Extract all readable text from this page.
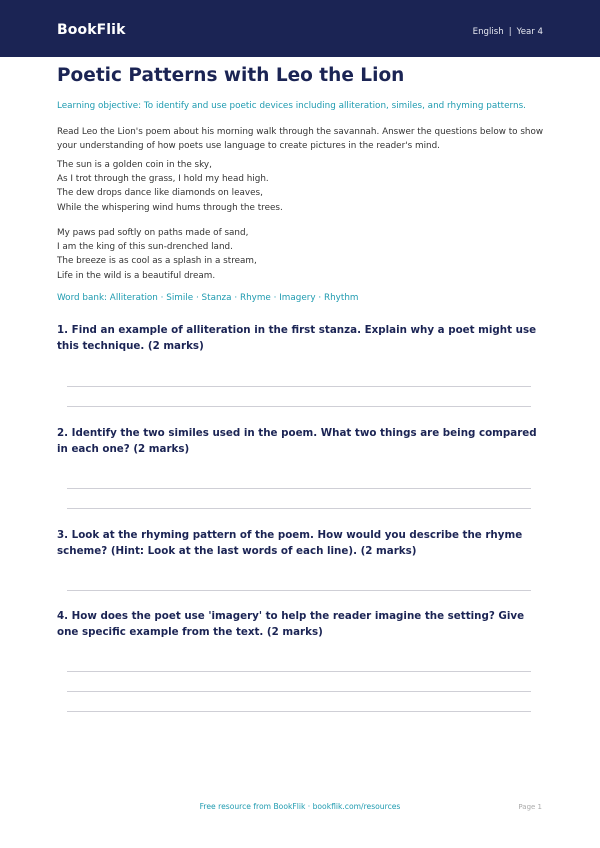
BookFlik	English | Year 4
Poetic Patterns with Leo the Lion
Learning objective: To identify and use poetic devices including alliteration, similes, and rhyming patterns.
Read Leo the Lion's poem about his morning walk through the savannah. Answer the questions below to show your understanding of how poets use language to create pictures in the reader's mind.
The sun is a golden coin in the sky,
As I trot through the grass, I hold my head high.
The dew drops dance like diamonds on leaves,
While the whispering wind hums through the trees.
My paws pad softly on paths made of sand,
I am the king of this sun-drenched land.
The breeze is as cool as a splash in a stream,
Life in the wild is a beautiful dream.
Word bank: Alliteration · Simile · Stanza · Rhyme · Imagery · Rhythm
1. Find an example of alliteration in the first stanza. Explain why a poet might use this technique. (2 marks)
2. Identify the two similes used in the poem. What two things are being compared in each one? (2 marks)
3. Look at the rhyming pattern of the poem. How would you describe the rhyme scheme? (Hint: Look at the last words of each line). (2 marks)
4. How does the poet use 'imagery' to help the reader imagine the setting? Give one specific example from the text. (2 marks)
Free resource from BookFlik · bookflik.com/resources	Page 1
